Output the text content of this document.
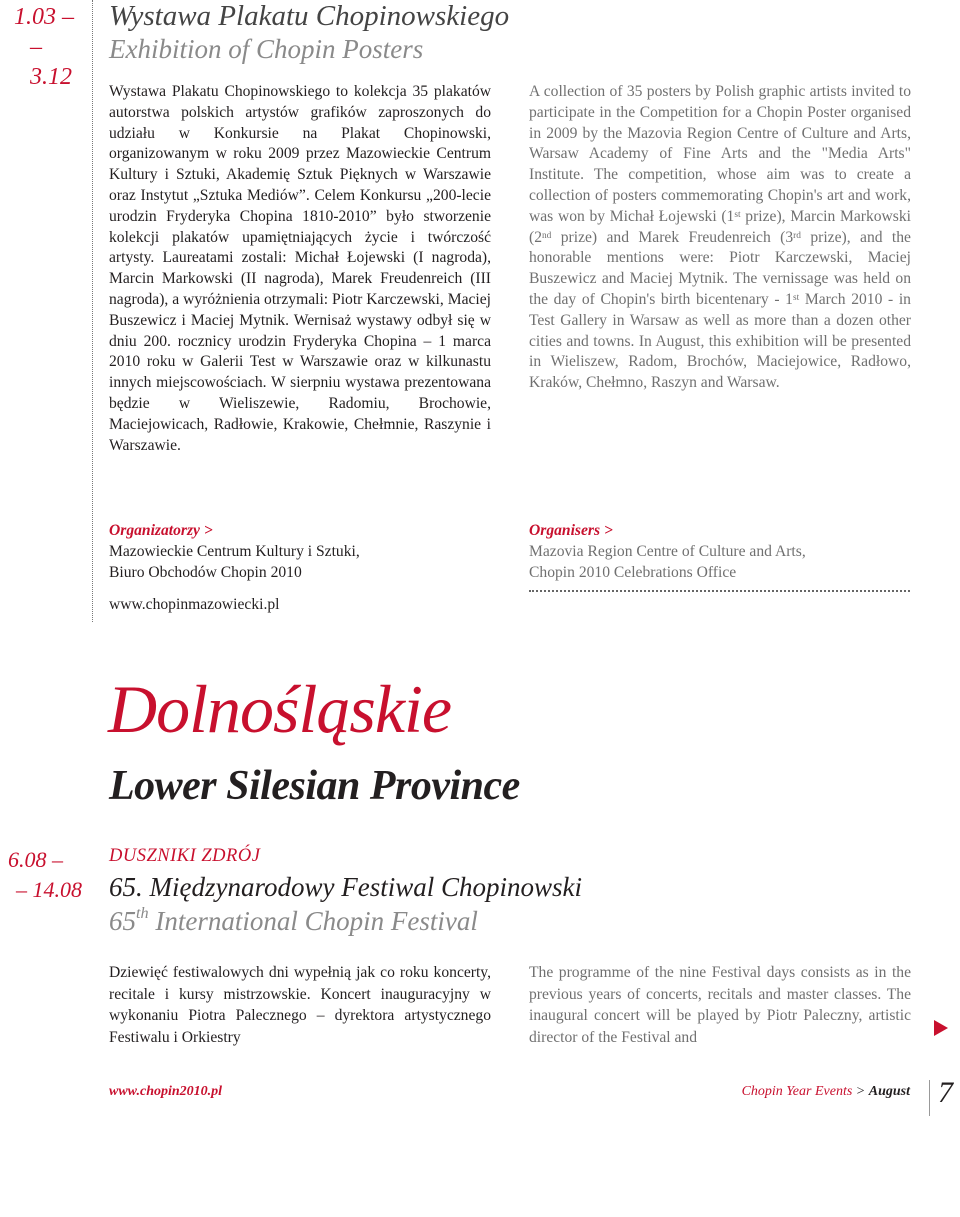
1.03 –
– 3.12
Wystawa Plakatu Chopinowskiego
Exhibition of Chopin Posters
Wystawa Plakatu Chopinowskiego to kolekcja 35 plakatów autorstwa polskich artystów grafików zaproszonych do udziału w Konkursie na Plakat Chopinowski, organizowanym w roku 2009 przez Mazowieckie Centrum Kultury i Sztuki, Akademię Sztuk Pięknych w Warszawie oraz Instytut „Sztuka Mediów”. Celem Konkursu „200-lecie urodzin Fryderyka Chopina 1810-2010” było stworzenie kolekcji plakatów upamiętniających życie i twórczość artysty. Laureatami zostali: Michał Łojewski (I nagroda), Marcin Markowski (II nagroda), Marek Freudenreich (III nagroda), a wyróżnienia otrzymali: Piotr Karczewski, Maciej Buszewicz i Maciej Mytnik. Wernisaż wystawy odbył się w dniu 200. rocznicy urodzin Fryderyka Chopina – 1 marca 2010 roku w Galerii Test w Warszawie oraz w kilkunastu innych miejscowościach. W sierpniu wystawa prezentowana będzie w Wieliszewie, Radomiu, Brochowie, Maciejowicach, Radłowie, Krakowie, Chełmnie, Raszynie i Warszawie.
A collection of 35 posters by Polish graphic artists invited to participate in the Competition for a Chopin Poster organised in 2009 by the Mazovia Region Centre of Culture and Arts, Warsaw Academy of Fine Arts and the "Media Arts" Institute. The competition, whose aim was to create a collection of posters commemorating Chopin's art and work, was won by Michał Łojewski (1st prize), Marcin Markowski (2nd prize) and Marek Freudenreich (3rd prize), and the honorable mentions were: Piotr Karczewski, Maciej Buszewicz and Maciej Mytnik. The vernissage was held on the day of Chopin's birth bicentenary - 1st March 2010 - in Test Gallery in Warsaw as well as more than a dozen other cities and towns. In August, this exhibition will be presented in Wieliszew, Radom, Brochów, Maciejowice, Radłowo, Kraków, Chełmno, Raszyn and Warsaw.
Organizatorzy >
Mazowieckie Centrum Kultury i Sztuki,
Biuro Obchodów Chopin 2010
www.chopinmazowiecki.pl
Organisers >
Mazovia Region Centre of Culture and Arts,
Chopin 2010 Celebrations Office
Dolnośląskie
Lower Silesian Province
6.08 –
– 14.08
DUSZNIKI ZDRÓJ
65. Międzynarodowy Festiwal Chopinowski
65th International Chopin Festival
Dziewięć festiwalowych dni wypełnią jak co roku koncerty, recitale i kursy mistrzowskie. Koncert inauguracyjny w wykonaniu Piotra Palecznego – dyrektora artystycznego Festiwalu i Orkiestry
The programme of the nine Festival days consists as in the previous years of concerts, recitals and master classes. The inaugural concert will be played by Piotr Paleczny, artistic director of the Festival and
www.chopin2010.pl	Chopin Year Events > August 7
